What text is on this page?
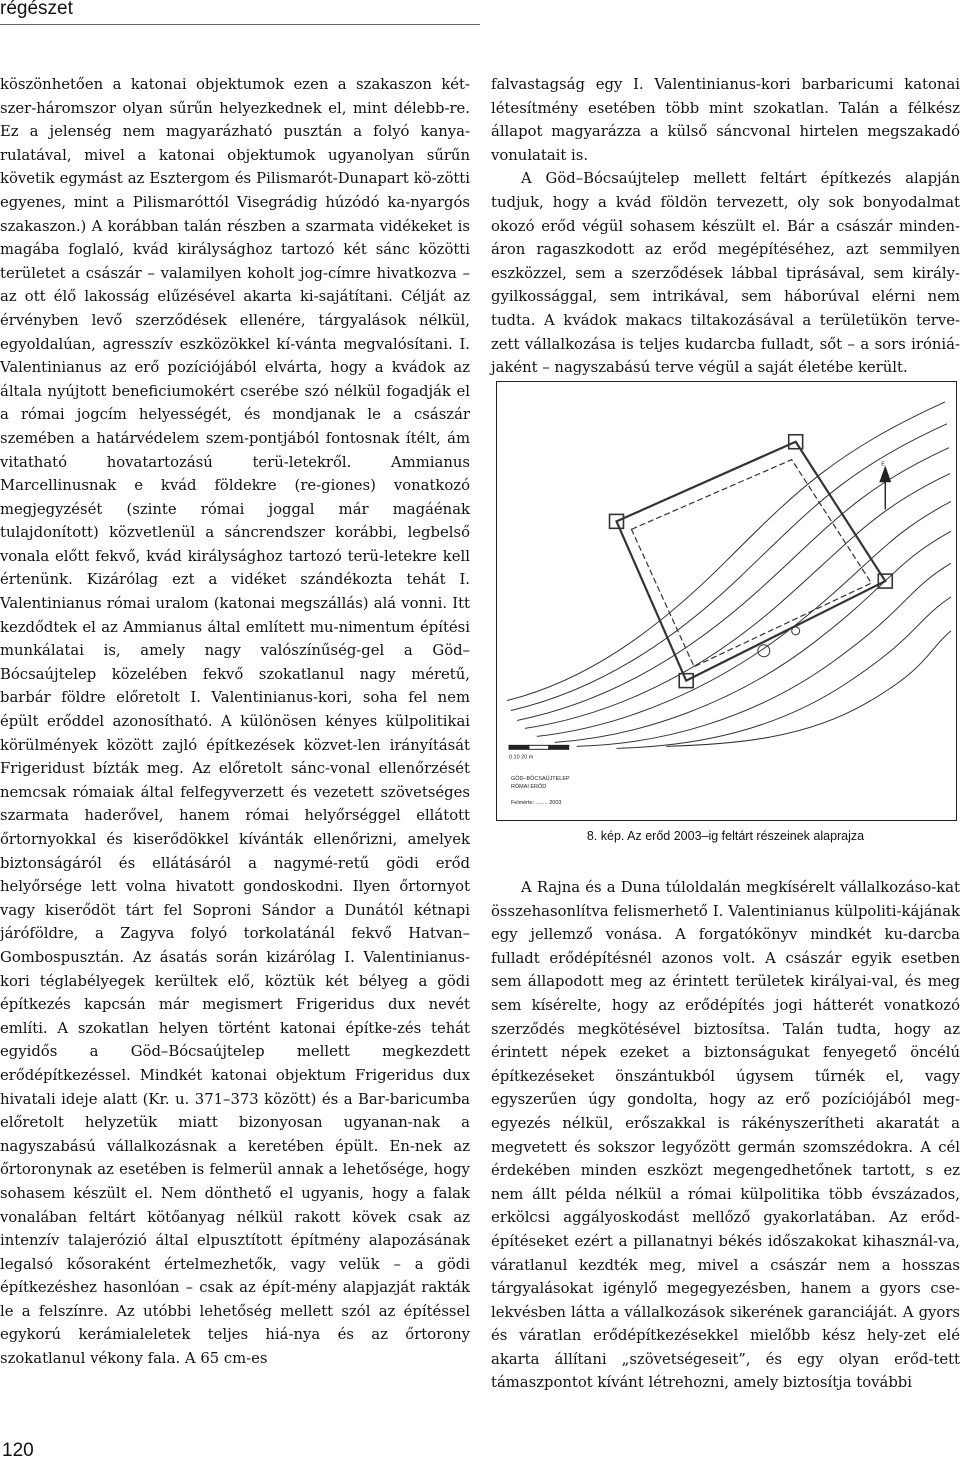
régészet

köszönhetően a katonai objektumok ezen a szakaszon két-szer-háromszor olyan sűrűn helyezkednek el, mint délebb-re. Ez a jelenség nem magyarázható pusztán a folyó kanya-rulatával, mivel a katonai objektumok ugyanolyan sűrűn követik egymást az Esztergom és Pilismarót-Dunapart kö-zötti egyenes, mint a Pilismaróttól Visegrádig húzódó ka-nyargós szakaszon.) A korábban talán részben a szarmata vidékeket is magába foglaló, kvád királysághoz tartozó két sánc közötti területet a császár – valamilyen koholt jog-címre hivatkozva – az ott élő lakosság elűzésével akarta ki-sajátítani. Célját az érvényben levő szerződések ellenére, tárgyalások nélkül, egyoldalúan, agresszív eszközökkel kí-vánta megvalósítani. I. Valentinianus az erő pozíciójából elvárta, hogy a kvádok az általa nyújtott beneficiumokért cserébe szó nélkül fogadják el a római jogcím helyességét, és mondjanak le a császár szemében a határvédelem szem-pontjából fontosnak ítélt, ám vitatható hovatartozású terü-letekről. Ammianus Marcellinusnak e kvád földekre (re-giones) vonatkozó megjegyzését (szinte római joggal már magáénak tulajdonított) közvetlenül a sáncrendszer korábbi, legbelső vonala előtt fekvő, kvád királysághoz tartozó terü-letekre kell értenünk. Kizárólag ezt a vidéket szándékozta tehát I. Valentinianus római uralom (katonai megszállás) alá vonni. Itt kezdődtek el az Ammianus által említett mu-nimentum építési munkálatai is, amely nagy valószínűség-gel a Göd–Bócsaújtelep közelében fekvő szokatlanul nagy méretű, barbár földre előretolt I. Valentinianus-kori, soha fel nem épült erőddel azonosítható. A különösen kényes külpolitikai körülmények között zajló építkezések közvet-len irányítását Frigeridust bízták meg. Az előretolt sánc-vonal ellenőrzését nemcsak rómaiak által felfegyverzett és vezetett szövetséges szarmata haderővel, hanem római helyőrséggel ellátott őrtornyokkal és kiserődökkel kívánták ellenőrizni, amelyek biztonságáról és ellátásáról a nagymé-retű gödi erőd helyőrsége lett volna hivatott gondoskodni. Ilyen őrtornyot vagy kiserődöt tárt fel Soproni Sándor a Dunától kétnapi járóföldre, a Zagyva folyó torkolatánál fekvő Hatvan–Gombospusztán. Az ásatás során kizárólag I. Valentinianus-kori téglabélyegek kerültek elő, köztük két bélyeg a gödi építkezés kapcsán már megismert Frigeridus dux nevét említi. A szokatlan helyen történt katonai építke-zés tehát egyidős a Göd–Bócsaújtelep mellett megkezdett erődépítkezéssel. Mindkét katonai objektum Frigeridus dux hivatali ideje alatt (Kr. u. 371–373 között) és a Bar-baricumba előretolt helyzetük miatt bizonyosan ugyanan-nak a nagyszabású vállalkozásnak a keretében épült. En-nek az őrtoronynak az esetében is felmerül annak a lehetősége, hogy sohasem készült el. Nem dönthető el ugyanis, hogy a falak vonalában feltárt kötőanyag nélkül rakott kövek csak az intenzív talajerózió által elpusztított építmény alapozásának legalsó kősoraként értelmezhetők, vagy velük – a gödi építkezéshez hasonlóan – csak az épít-mény alapjazját rakták le a felszínre. Az utóbbi lehetőség mellett szól az építéssel egykorú kerámialeletek teljes hiá-nya és az őrtorony szokatlanul vékony fala. A 65 cm-es

falvastagság egy I. Valentinianus-kori barbaricumi katonai létesítmény esetében több mint szokatlan. Talán a félkész állapot magyarázza a külső sáncvonal hirtelen megszakadó vonulatait is.

A Göd–Bócsaújtelep mellett feltárt építkezés alapján tudjuk, hogy a kvád földön tervezett, oly sok bonyodalmat okozó erőd végül sohasem készült el. Bár a császár minden-áron ragaszkodott az erőd megépítéséhez, azt semmilyen eszközzel, sem a szerződések lábbal tiprásával, sem király-gyilkossággal, sem intrikával, sem háborúval elérni nem tudta. A kvádok makacs tiltakozásával a területükön terve-zett vállalkozása is teljes kudarcba fulladt, sőt – a sors iróniá-jaként – nagyszabású terve végül a saját életébe került.

É
0 10 20 m
GÖD–BÓCSAÚJTELEP
RÓMAI ERŐD
Felmérte: ........ 2003
8. kép. Az erőd 2003–ig feltárt részeinek alaprajza

A Rajna és a Duna túloldalán megkísérelt vállalkozáso-kat összehasonlítva felismerhető I. Valentinianus külpoliti-kájának egy jellemző vonása. A forgatókönyv mindkét ku-darcba fulladt erődépítésnél azonos volt. A császár egyik esetben sem állapodott meg az érintett területek királyai-val, és meg sem kísérelte, hogy az erődépítés jogi hátterét vonatkozó szerződés megkötésével biztosítsa. Talán tudta, hogy az érintett népek ezeket a biztonságukat fenyegető öncélú építkezéseket önszántukból úgysem tűrnék el, vagy egyszerűen úgy gondolta, hogy az erő pozíciójából meg-egyezés nélkül, erőszakkal is rákényszerítheti akaratát a megvetett és sokszor legyőzött germán szomszédokra. A cél érdekében minden eszközt megengedhetőnek tartott, s ez nem állt példa nélkül a római külpolitika több évszázados, erkölcsi aggályoskodást mellőző gyakorlatában. Az erőd-építéseket ezért a pillanatnyi békés időszakokat kihasznál-va, váratlanul kezdték meg, mivel a császár nem a hosszas tárgyalásokat igénylő megegyezésben, hanem a gyors cse-lekvésben látta a vállalkozások sikerének garanciáját. A gyors és váratlan erődépítkezésekkel mielőbb kész hely-zet elé akarta állítani „szövetségeseit”, és egy olyan erőd-tett támaszpontot kívánt létrehozni, amely biztosítja további

120
